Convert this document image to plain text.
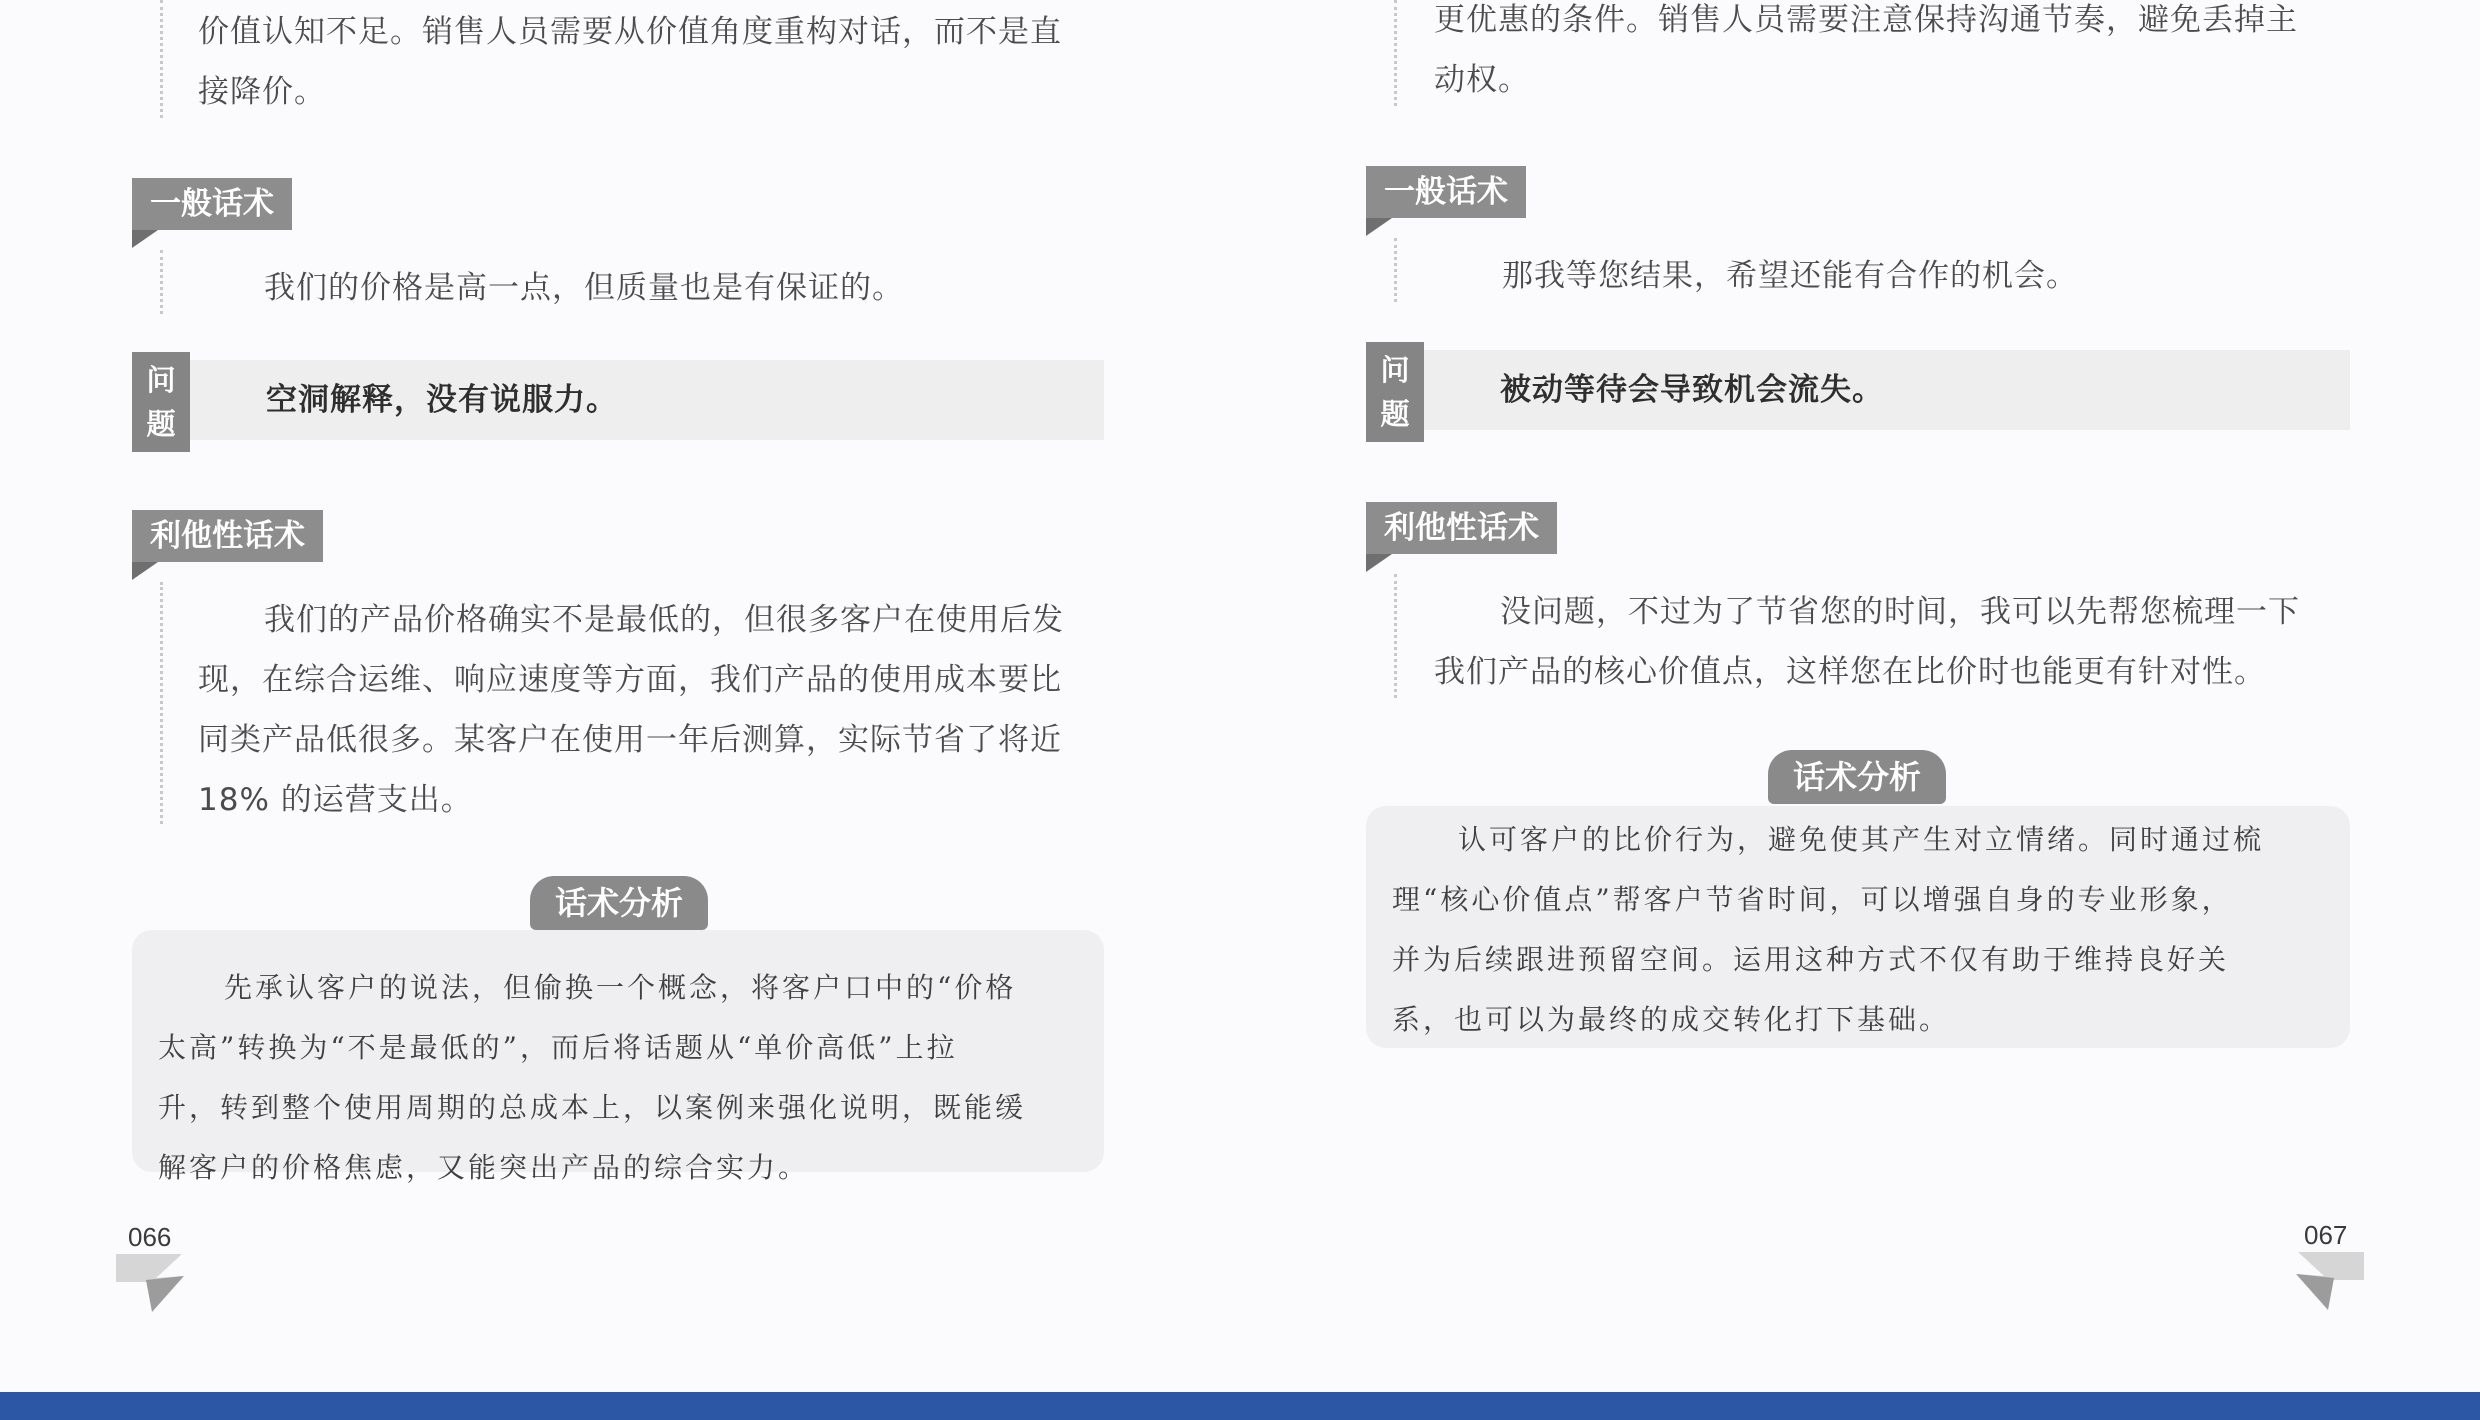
价值认知不足。销售人员需要从价值角度重构对话，而不是直
接降价。
一般话术
我们的价格是高一点，但质量也是有保证的。
问
题
空洞解释，没有说服力。
利他性话术
我们的产品价格确实不是最低的，但很多客户在使用后发
现，在综合运维、响应速度等方面，我们产品的使用成本要比
同类产品低很多。某客户在使用一年后测算，实际节省了将近
18% 的运营支出。
先承认客户的说法，但偷换一个概念，将客户口中的“价格
太高”转换为“不是最低的”，而后将话题从“单价高低”上拉
升，转到整个使用周期的总成本上，以案例来强化说明，既能缓
解客户的价格焦虑，又能突出产品的综合实力。
话术分析
066
更优惠的条件。销售人员需要注意保持沟通节奏，避免丢掉主
动权。
一般话术
那我等您结果，希望还能有合作的机会。
问
题
被动等待会导致机会流失。
利他性话术
没问题，不过为了节省您的时间，我可以先帮您梳理一下
我们产品的核心价值点，这样您在比价时也能更有针对性。
认可客户的比价行为，避免使其产生对立情绪。同时通过梳
理“核心价值点”帮客户节省时间，可以增强自身的专业形象，
并为后续跟进预留空间。运用这种方式不仅有助于维持良好关
系，也可以为最终的成交转化打下基础。
话术分析
067
